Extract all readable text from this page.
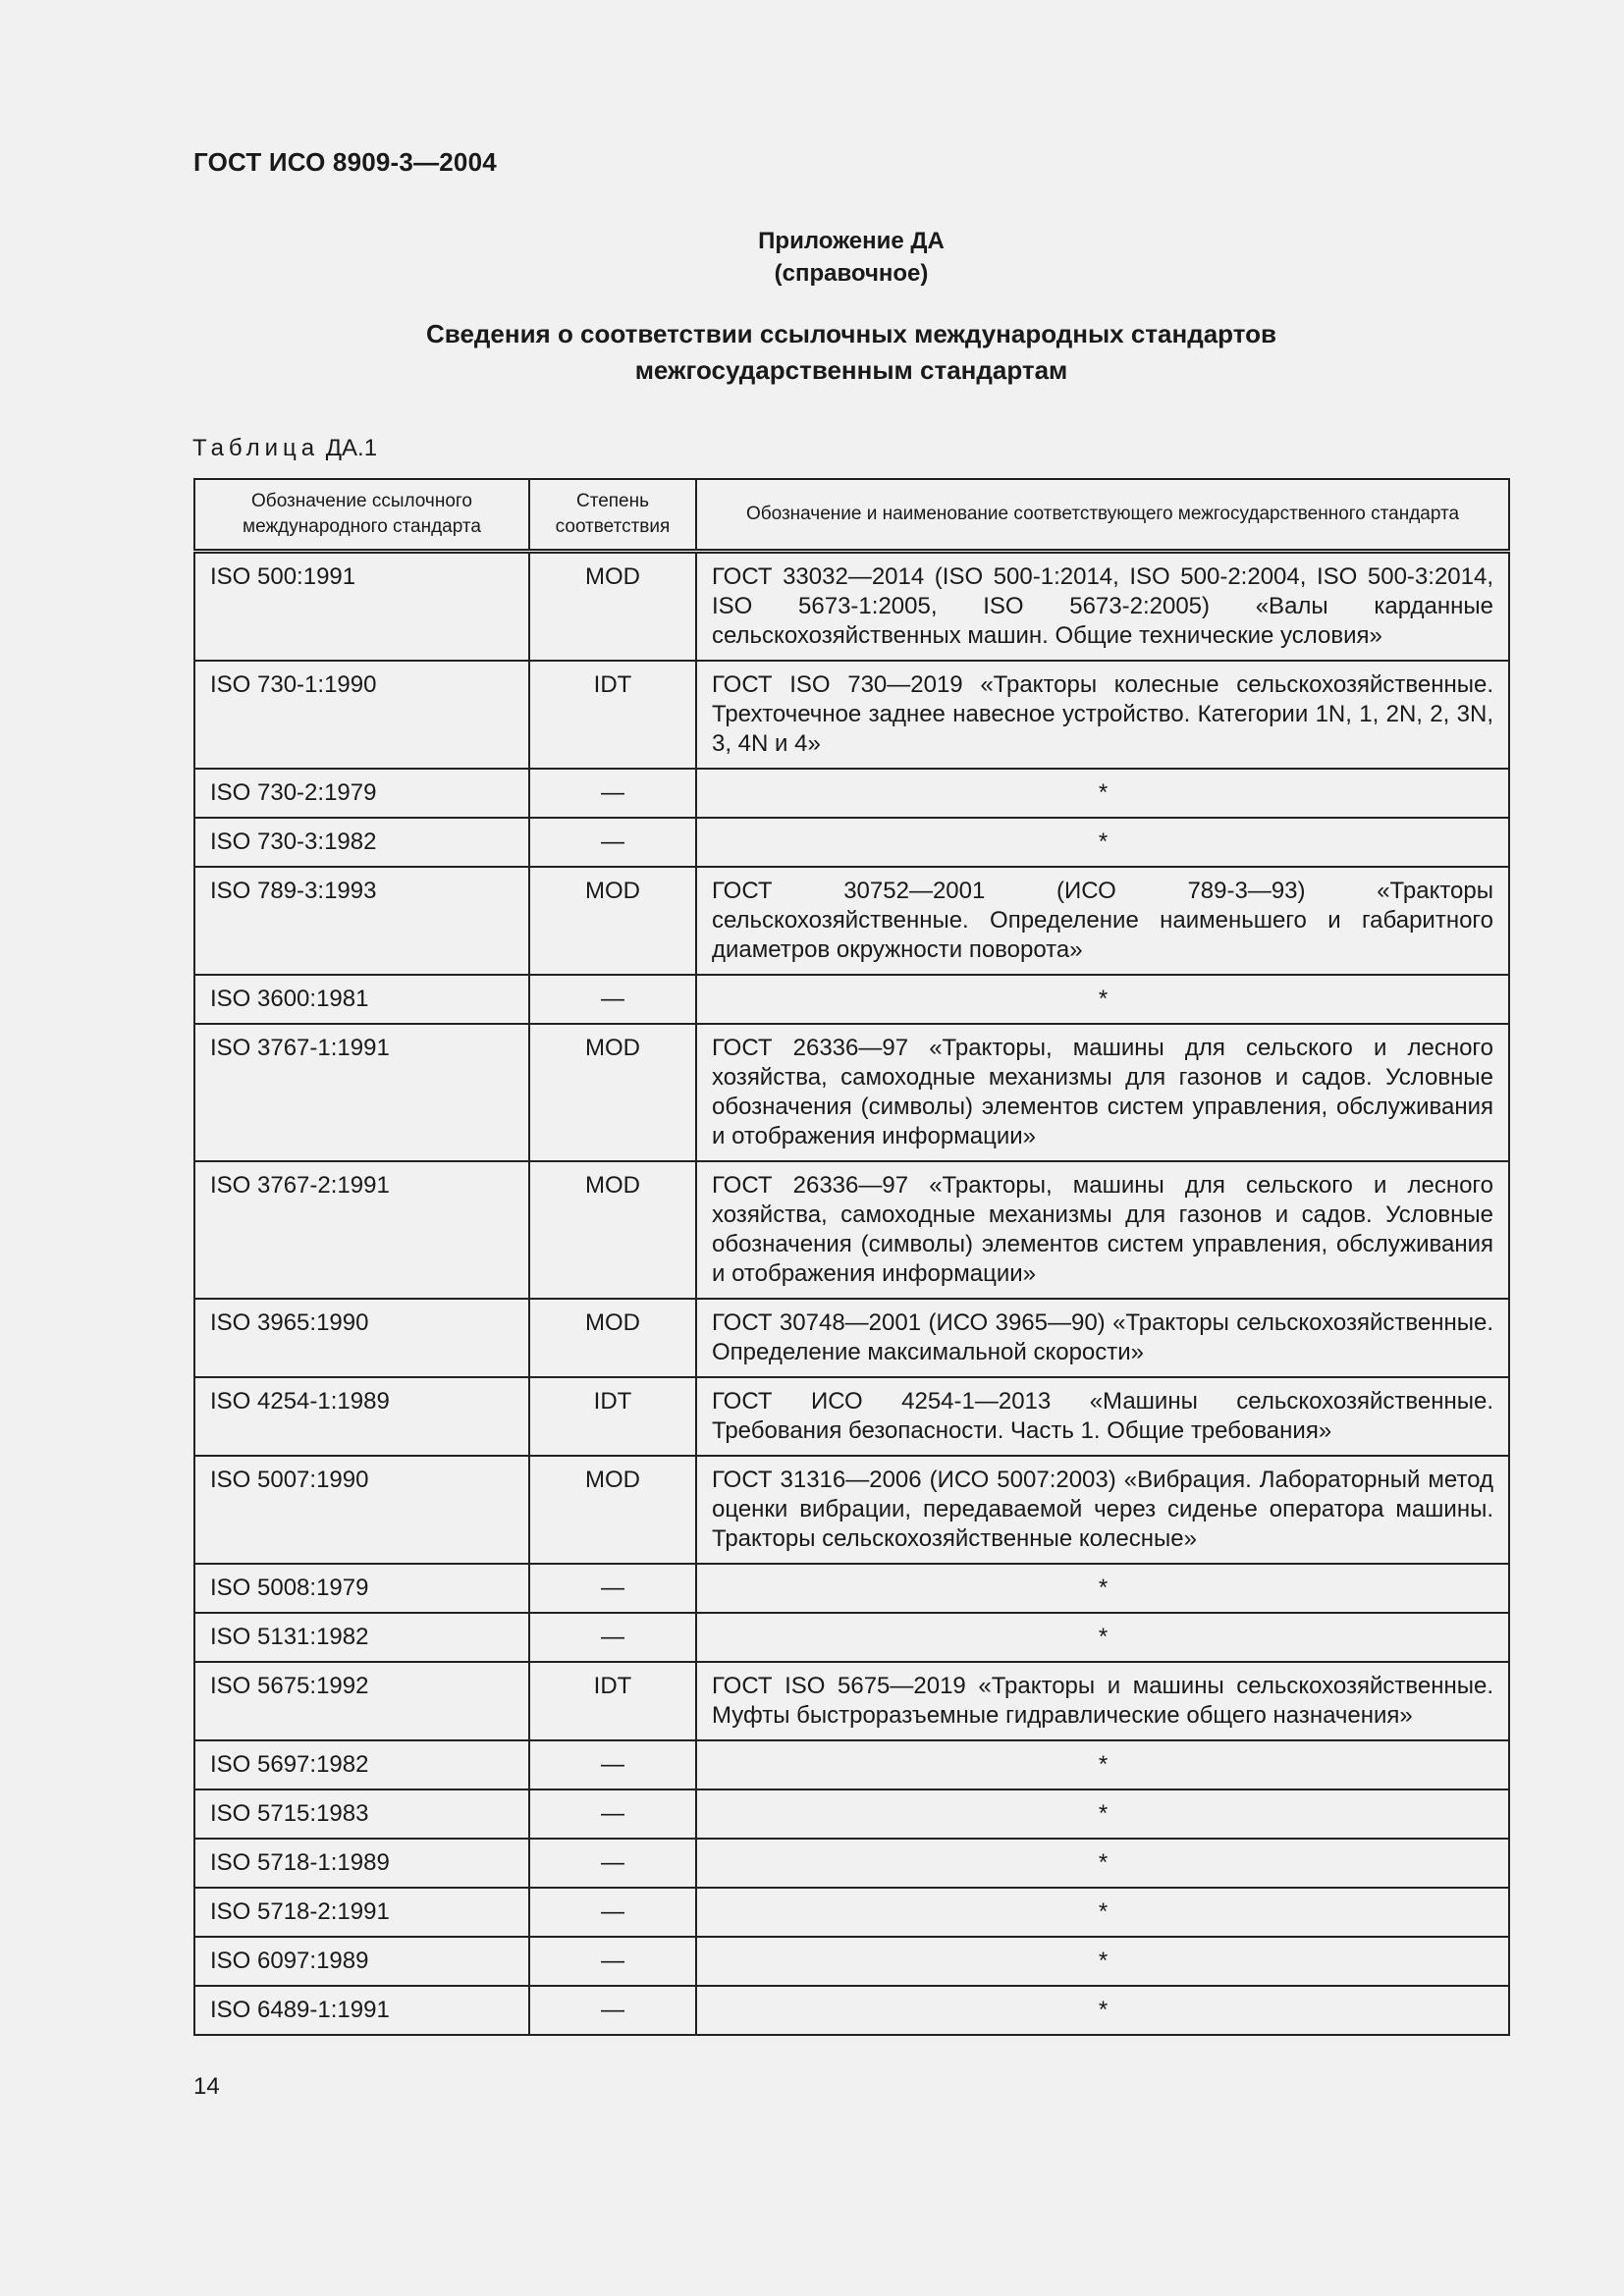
ГОСТ ИСО 8909-3—2004
Приложение ДА
(справочное)
Сведения о соответствии ссылочных международных стандартов
межгосударственным стандартам
Таблица ДА.1
Обозначение ссылочного международного стандарта	Степень соответствия	Обозначение и наименование соответствующего межгосударственного стандарта
ISO 500:1991	MOD	ГОСТ 33032—2014 (ISO 500-1:2014, ISO 500-2:2004, ISO 500-3:2014, ISO 5673-1:2005, ISO 5673-2:2005) «Валы карданные сельскохозяйственных машин. Общие технические условия»
ISO 730-1:1990	IDT	ГОСТ ISO 730—2019 «Тракторы колесные сельскохозяйственные. Трехточечное заднее навесное устройство. Категории 1N, 1, 2N, 2, 3N, 3, 4N и 4»
ISO 730-2:1979	—	*
ISO 730-3:1982	—	*
ISO 789-3:1993	MOD	ГОСТ 30752—2001 (ИСО 789-3—93) «Тракторы сельскохозяйственные. Определение наименьшего и габаритного диаметров окружности поворота»
ISO 3600:1981	—	*
ISO 3767-1:1991	MOD	ГОСТ 26336—97 «Тракторы, машины для сельского и лесного хозяйства, самоходные механизмы для газонов и садов. Условные обозначения (символы) элементов систем управления, обслуживания и отображения информации»
ISO 3767-2:1991	MOD	ГОСТ 26336—97 «Тракторы, машины для сельского и лесного хозяйства, самоходные механизмы для газонов и садов. Условные обозначения (символы) элементов систем управления, обслуживания и отображения информации»
ISO 3965:1990	MOD	ГОСТ 30748—2001 (ИСО 3965—90) «Тракторы сельскохозяйственные. Определение максимальной скорости»
ISO 4254-1:1989	IDT	ГОСТ ИСО 4254-1—2013 «Машины сельскохозяйственные. Требования безопасности. Часть 1. Общие требования»
ISO 5007:1990	MOD	ГОСТ 31316—2006 (ИСО 5007:2003) «Вибрация. Лабораторный метод оценки вибрации, передаваемой через сиденье оператора машины. Тракторы сельскохозяйственные колесные»
ISO 5008:1979	—	*
ISO 5131:1982	—	*
ISO 5675:1992	IDT	ГОСТ ISO 5675—2019 «Тракторы и машины сельскохозяйственные. Муфты быстроразъемные гидравлические общего назначения»
ISO 5697:1982	—	*
ISO 5715:1983	—	*
ISO 5718-1:1989	—	*
ISO 5718-2:1991	—	*
ISO 6097:1989	—	*
ISO 6489-1:1991	—	*
14
